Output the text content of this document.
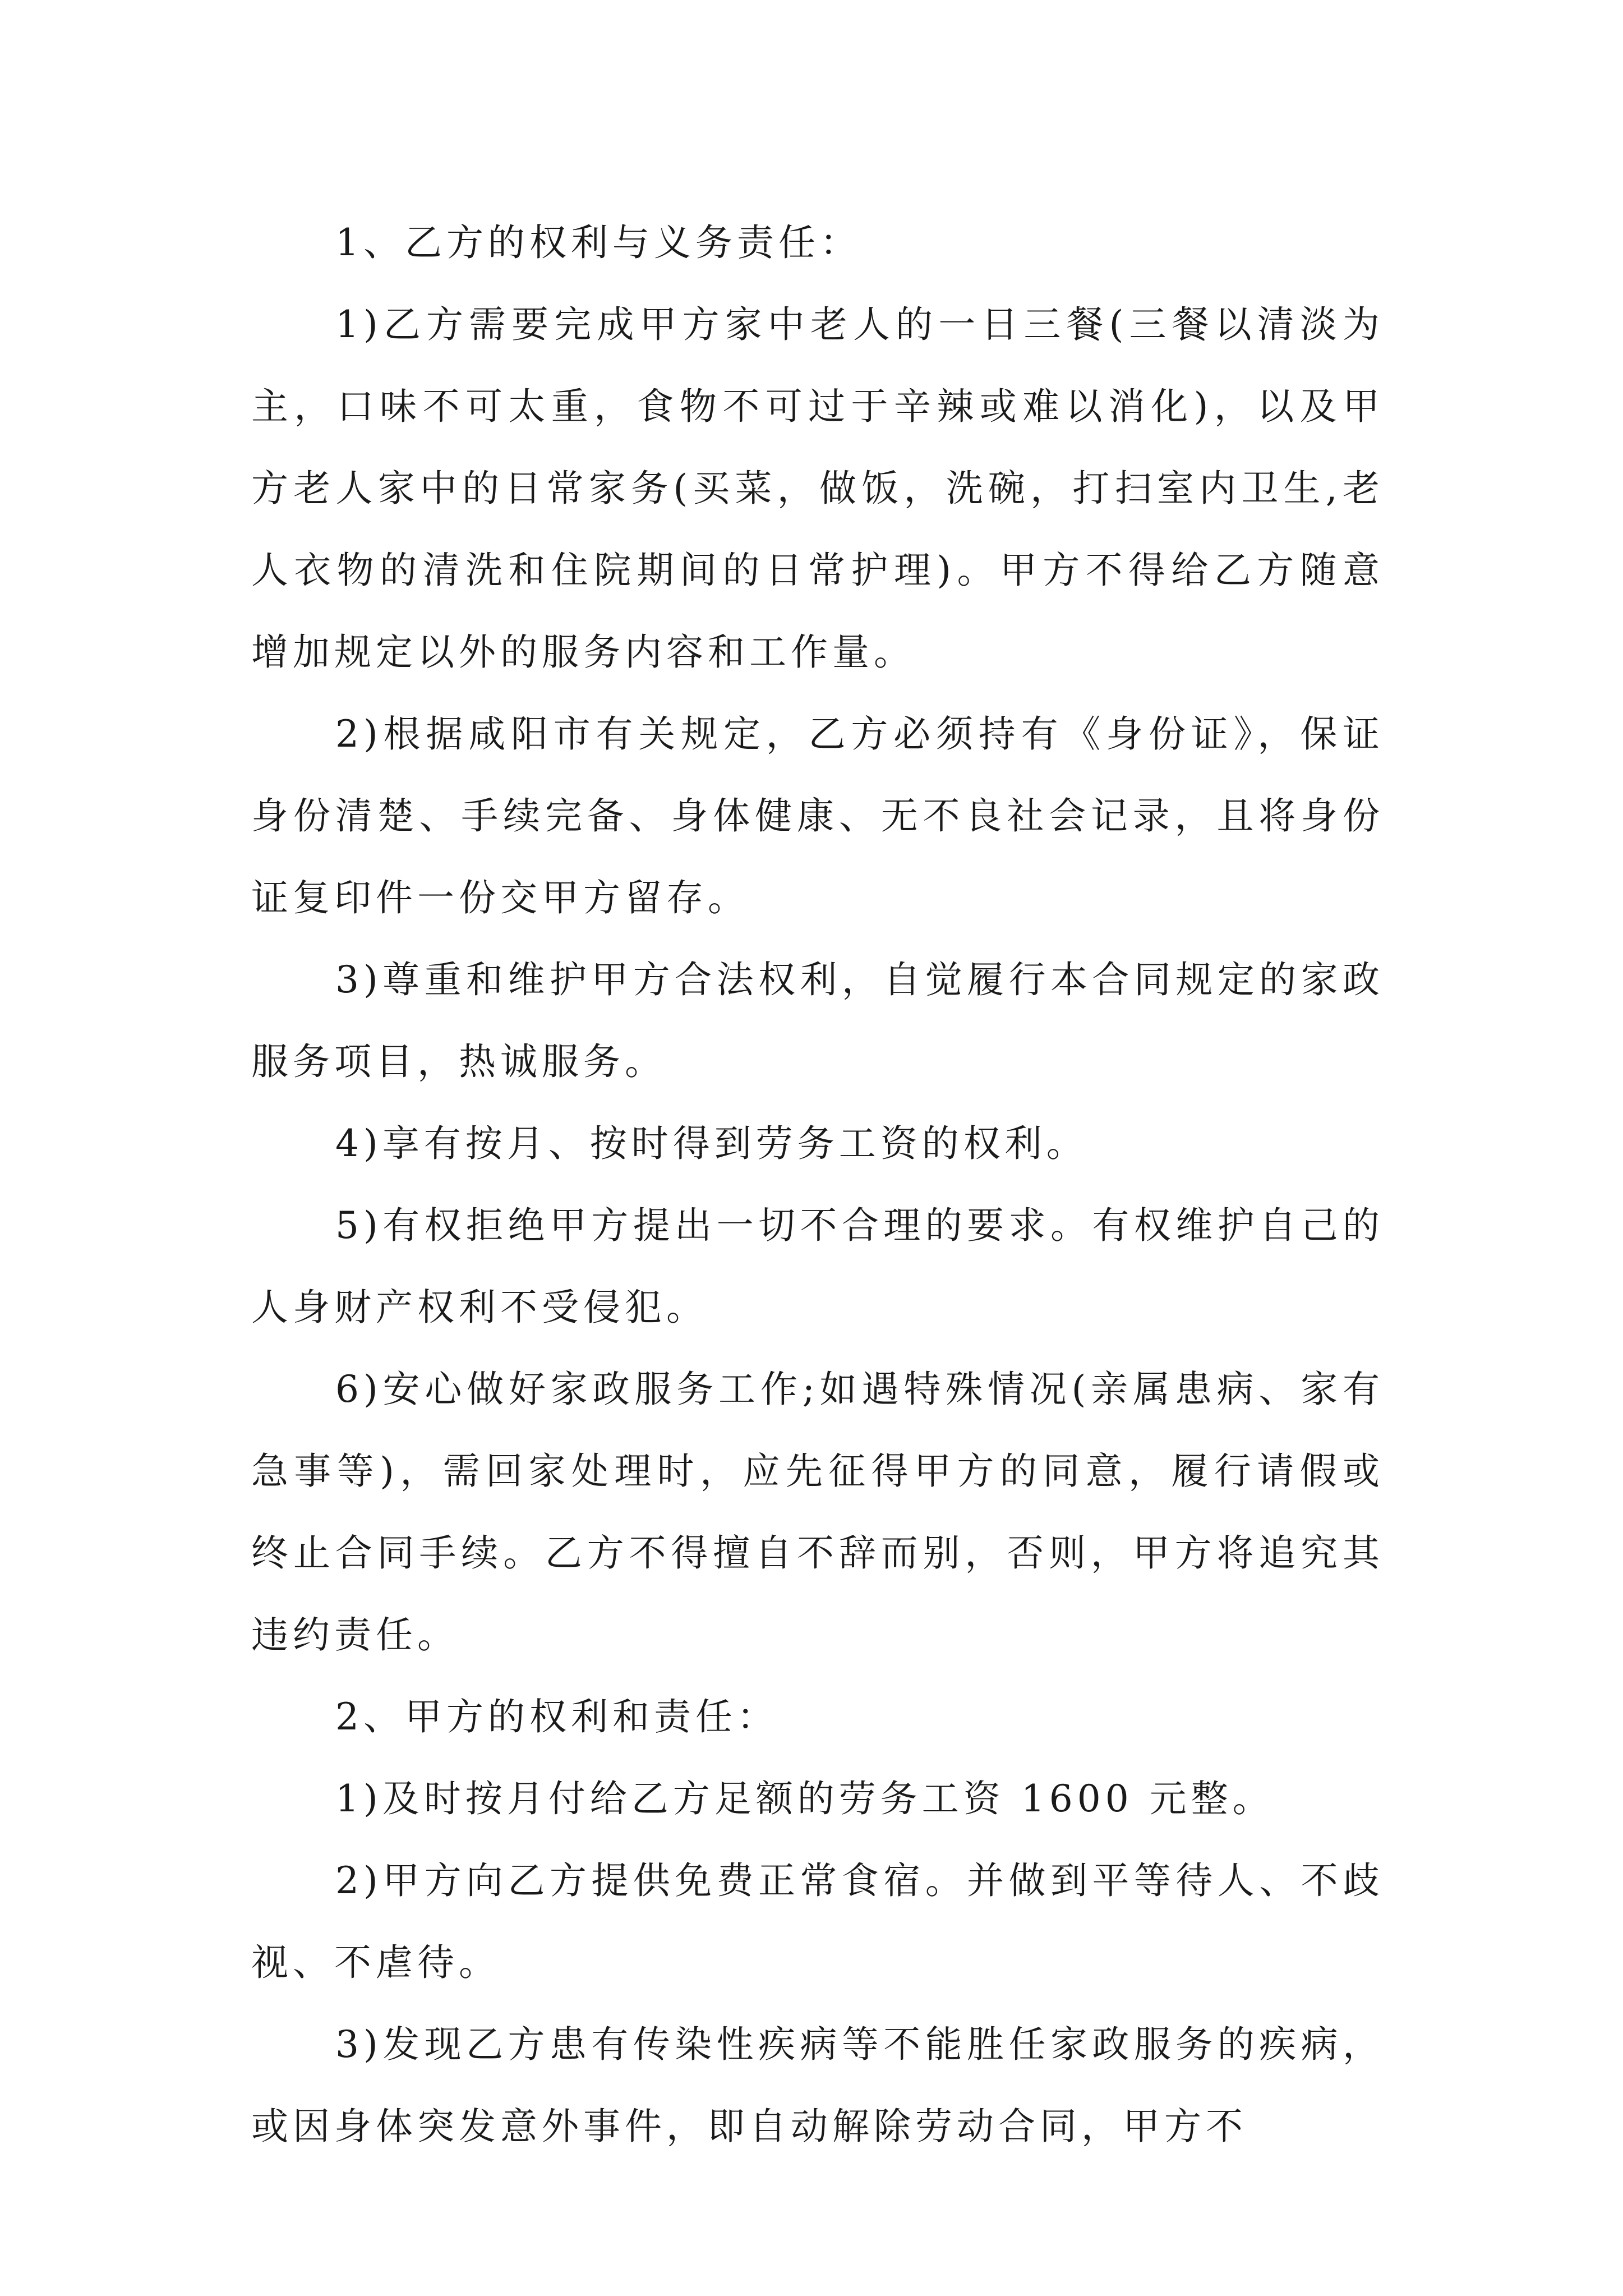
1、乙方的权利与义务责任：

1)乙方需要完成甲方家中老人的一日三餐(三餐以清淡为主，口味不可太重，食物不可过于辛辣或难以消化)，以及甲方老人家中的日常家务(买菜，做饭，洗碗，打扫室内卫生,老人衣物的清洗和住院期间的日常护理)。甲方不得给乙方随意增加规定以外的服务内容和工作量。

2)根据咸阳市有关规定，乙方必须持有《身份证》，保证身份清楚、手续完备、身体健康、无不良社会记录，且将身份证复印件一份交甲方留存。

3)尊重和维护甲方合法权利，自觉履行本合同规定的家政服务项目，热诚服务。

4)享有按月、按时得到劳务工资的权利。

5)有权拒绝甲方提出一切不合理的要求。有权维护自己的人身财产权利不受侵犯。

6)安心做好家政服务工作;如遇特殊情况(亲属患病、家有急事等)，需回家处理时，应先征得甲方的同意，履行请假或终止合同手续。乙方不得擅自不辞而别，否则，甲方将追究其违约责任。

2、甲方的权利和责任：

1)及时按月付给乙方足额的劳务工资 1600 元整。

2)甲方向乙方提供免费正常食宿。并做到平等待人、不歧视、不虐待。

3)发现乙方患有传染性疾病等不能胜任家政服务的疾病，或因身体突发意外事件，即自动解除劳动合同，甲方不
